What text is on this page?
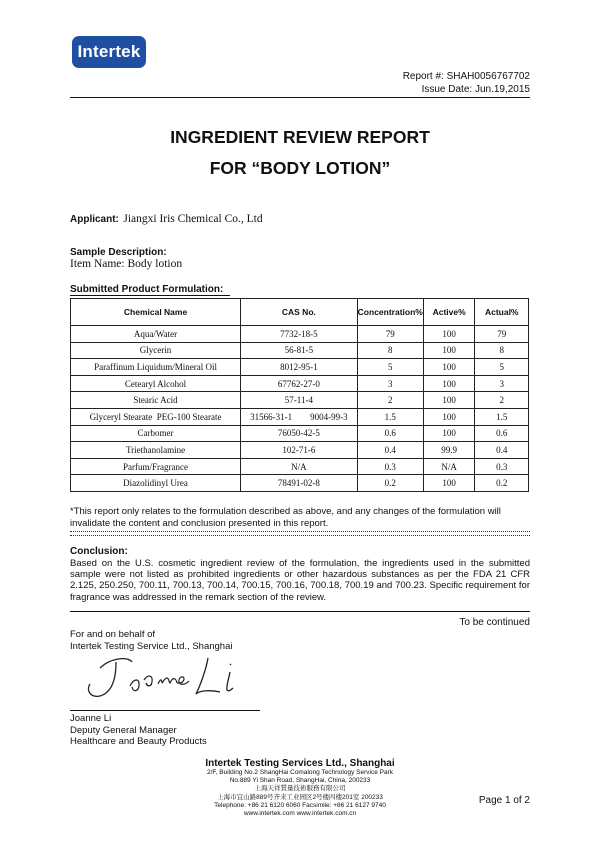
Intertek
Report #: SHAH0056767702
Issue Date: Jun.19,2015
INGREDIENT REVIEW REPORT
FOR “BODY LOTION”
Applicant: Jiangxi Iris Chemical Co., Ltd
Sample Description:
Item Name: Body lotion
Submitted Product Formulation:
Chemical Name	CAS No.	Concentration%	Active%	Actual%
Aqua/Water	7732-18-5	79	100	79
Glycerin	56-81-5	8	100	8
Paraffinum Liquidum/Mineral Oil	8012-95-1	5	100	5
Cetearyl Alcohol	67762-27-0	3	100	3
Stearic Acid	57-11-4	2	100	2
Glyceryl Stearate  PEG-100 Stearate	31566-31-1        9004-99-3	1.5	100	1.5
Carbomer	76050-42-5	0.6	100	0.6
Triethanolamine	102-71-6	0.4	99.9	0.4
Parfum/Fragrance	N/A	0.3	N/A	0.3
Diazolidinyl Urea	78491-02-8	0.2	100	0.2
*This report only relates to the formulation described as above, and any changes of the formulation will invalidate the content and conclusion presented in this report.
Conclusion:
Based on the U.S. cosmetic ingredient review of the formulation, the ingredients used in the submitted sample were not listed as prohibited ingredients or other hazardous substances as per the FDA 21 CFR 2.125, 250.250, 700.11, 700.13, 700.14, 700.15, 700.16, 700.18, 700.19 and 700.23. Specific requirement for fragrance was addressed in the remark section of the review.
To be continued
For and on behalf of
Intertek Testing Service Ltd., Shanghai
Joanne Li
Deputy General Manager
Healthcare and Beauty Products
Intertek Testing Services Ltd., Shanghai
2/F, Building No.2 ShangHai Comalong Technology Service Park
No.889 Yi Shan Road, ShangHai, China, 200233
上海天祥質量技術服務有限公司
上海市宜山路889号齐来工业园区2号楼四楼201室 200233
Telephone: +86 21 6120 6060 Facsimile: +86 21 6127 9740
www.intertek.com www.intertek.com.cn
Page 1 of 2
